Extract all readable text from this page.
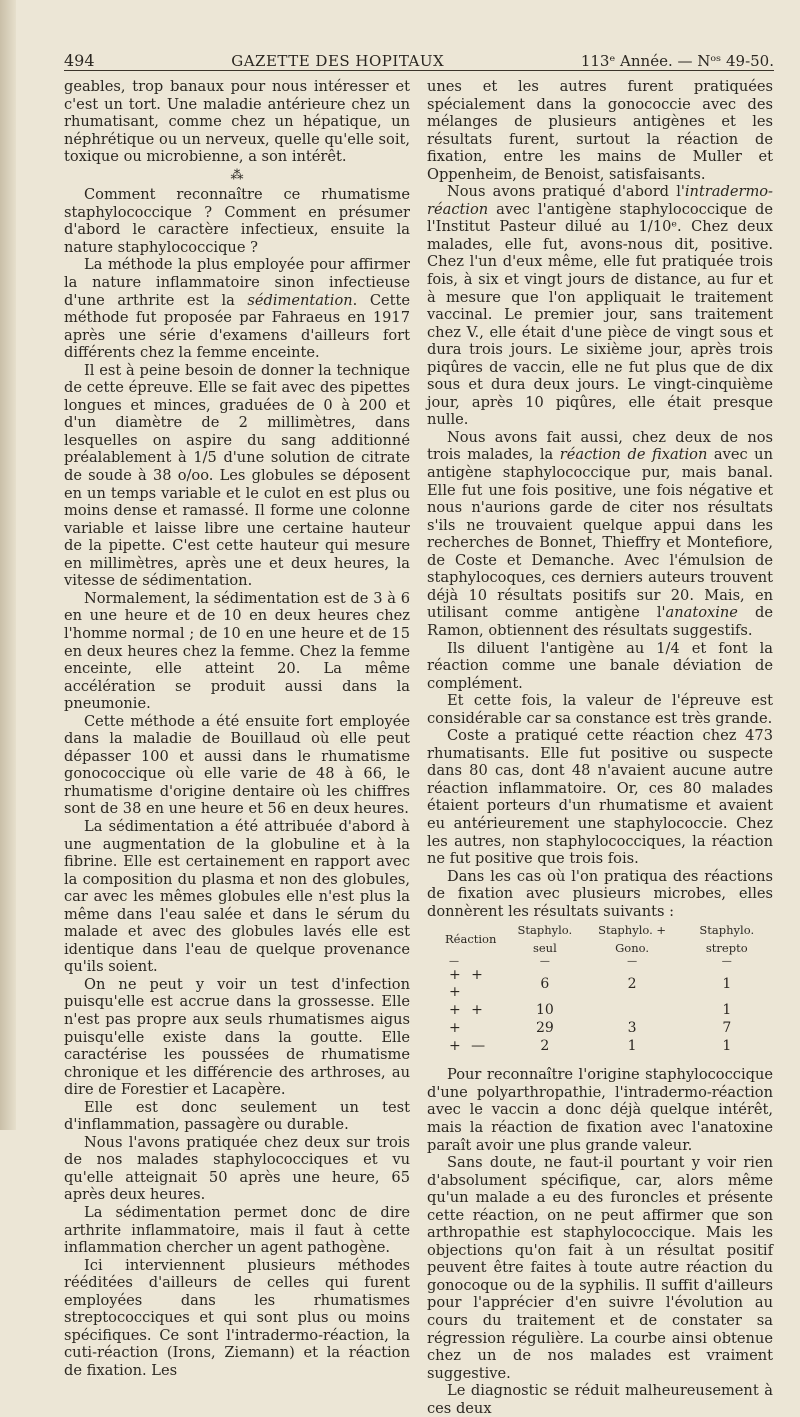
494	GAZETTE DES HOPITAUX	113ᵉ Année. — Nᵒˢ 49-50.

geables, trop banaux pour nous intéresser et c'est un tort. Une maladie antérieure chez un rhumatisant, comme chez un hépatique, un néphrétique ou un nerveux, quelle qu'elle soit, toxique ou microbienne, a son intérêt.

⁂

Comment reconnaître ce rhumatisme staphylococcique ? Comment en présumer d'abord le caractère infectieux, ensuite la nature staphylococcique ?

La méthode la plus employée pour affirmer la nature inflammatoire sinon infectieuse d'une arthrite est la sédimentation. Cette méthode fut proposée par Fahraeus en 1917 après une série d'examens d'ailleurs fort différents chez la femme enceinte.

Il est à peine besoin de donner la technique de cette épreuve. Elle se fait avec des pipettes longues et minces, graduées de 0 à 200 et d'un diamètre de 2 millimètres, dans lesquelles on aspire du sang additionné préalablement à 1/5 d'une solution de citrate de soude à 38 o/oo. Les globules se déposent en un temps variable et le culot en est plus ou moins dense et ramassé. Il forme une colonne variable et laisse libre une certaine hauteur de la pipette. C'est cette hauteur qui mesure en millimètres, après une et deux heures, la vitesse de sédimentation.

Normalement, la sédimentation est de 3 à 6 en une heure et de 10 en deux heures chez l'homme normal ; de 10 en une heure et de 15 en deux heures chez la femme. Chez la femme enceinte, elle atteint 20. La même accélération se produit aussi dans la pneumonie.

Cette méthode a été ensuite fort employée dans la maladie de Bouillaud où elle peut dépasser 100 et aussi dans le rhumatisme gonococcique où elle varie de 48 à 66, le rhumatisme d'origine dentaire où les chiffres sont de 38 en une heure et 56 en deux heures.

La sédimentation a été attribuée d'abord à une augmentation de la globuline et à la fibrine. Elle est certainement en rapport avec la composition du plasma et non des globules, car avec les mêmes globules elle n'est plus la même dans l'eau salée et dans le sérum du malade et avec des globules lavés elle est identique dans l'eau de quelque provenance qu'ils soient.

On ne peut y voir un test d'infection puisqu'elle est accrue dans la grossesse. Elle n'est pas propre aux seuls rhumatismes aigus puisqu'elle existe dans la goutte. Elle caractérise les poussées de rhumatisme chronique et les différencie des arthroses, au dire de Forestier et Lacapère.

Elle est donc seulement un test d'inflammation, passagère ou durable.

Nous l'avons pratiquée chez deux sur trois de nos malades staphylococciques et vu qu'elle atteignait 50 après une heure, 65 après deux heures.

La sédimentation permet donc de dire arthrite inflammatoire, mais il faut à cette inflammation chercher un agent pathogène.

Ici interviennent plusieurs méthodes rééditées d'ailleurs de celles qui furent employées dans les rhumatismes streptococciques et qui sont plus ou moins spécifiques. Ce sont l'intradermo-réaction, la cuti-réaction (Irons, Ziemann) et la réaction de fixation. Les

unes et les autres furent pratiquées spécialement dans la gonococcie avec des mélanges de plusieurs antigènes et les résultats furent, surtout la réaction de fixation, entre les mains de Muller et Oppenheim, de Benoist, satisfaisants.

Nous avons pratiqué d'abord l'intradermo-réaction avec l'antigène staphylococcique de l'Institut Pasteur dilué au 1/10ᵉ. Chez deux malades, elle fut, avons-nous dit, positive. Chez l'un d'eux même, elle fut pratiquée trois fois, à six et vingt jours de distance, au fur et à mesure que l'on appliquait le traitement vaccinal. Le premier jour, sans traitement chez V., elle était d'une pièce de vingt sous et dura trois jours. Le sixième jour, après trois piqûres de vaccin, elle ne fut plus que de dix sous et dura deux jours. Le vingt-cinquième jour, après 10 piqûres, elle était presque nulle.

Nous avons fait aussi, chez deux de nos trois malades, la réaction de fixation avec un antigène staphylococcique pur, mais banal. Elle fut une fois positive, une fois négative et nous n'aurions garde de citer nos résultats s'ils ne trouvaient quelque appui dans les recherches de Bonnet, Thieffry et Montefiore, de Coste et Demanche. Avec l'émulsion de staphylocoques, ces derniers auteurs trouvent déjà 10 résultats positifs sur 20. Mais, en utilisant comme antigène l'anatoxine de Ramon, obtiennent des résultats suggestifs.

Ils diluent l'antigène au 1/4 et font la réaction comme une banale déviation de complément.

Et cette fois, la valeur de l'épreuve est considérable car sa constance est très grande.

Coste a pratiqué cette réaction chez 473 rhumatisants. Elle fut positive ou suspecte dans 80 cas, dont 48 n'avaient aucune autre réaction inflammatoire. Or, ces 80 malades étaient porteurs d'un rhumatisme et avaient eu antérieurement une staphylococcie. Chez les autres, non staphylococciques, la réaction ne fut positive que trois fois.

Dans les cas où l'on pratiqua des réactions de fixation avec plusieurs microbes, elles donnèrent les résultats suivants :

Réaction	Staphylo. seul	Staphylo. + Gono.	Staphylo. strepto
—	—	—	—
+ + +	6	2	1
+ +	10		1
+	29	3	7
+ —	2	1	1

Pour reconnaître l'origine staphylococcique d'une polyarthropathie, l'intradermo-réaction avec le vaccin a donc déjà quelque intérêt, mais la réaction de fixation avec l'anatoxine paraît avoir une plus grande valeur.

Sans doute, ne faut-il pourtant y voir rien d'absolument spécifique, car, alors même qu'un malade a eu des furoncles et présente cette réaction, on ne peut affirmer que son arthropathie est staphylococcique. Mais les objections qu'on fait à un résultat positif peuvent être faites à toute autre réaction du gonocoque ou de la syphilis. Il suffit d'ailleurs pour l'apprécier d'en suivre l'évolution au cours du traitement et de constater sa régression régulière. La courbe ainsi obtenue chez un de nos malades est vraiment suggestive.

Le diagnostic se réduit malheureusement à ces deux
